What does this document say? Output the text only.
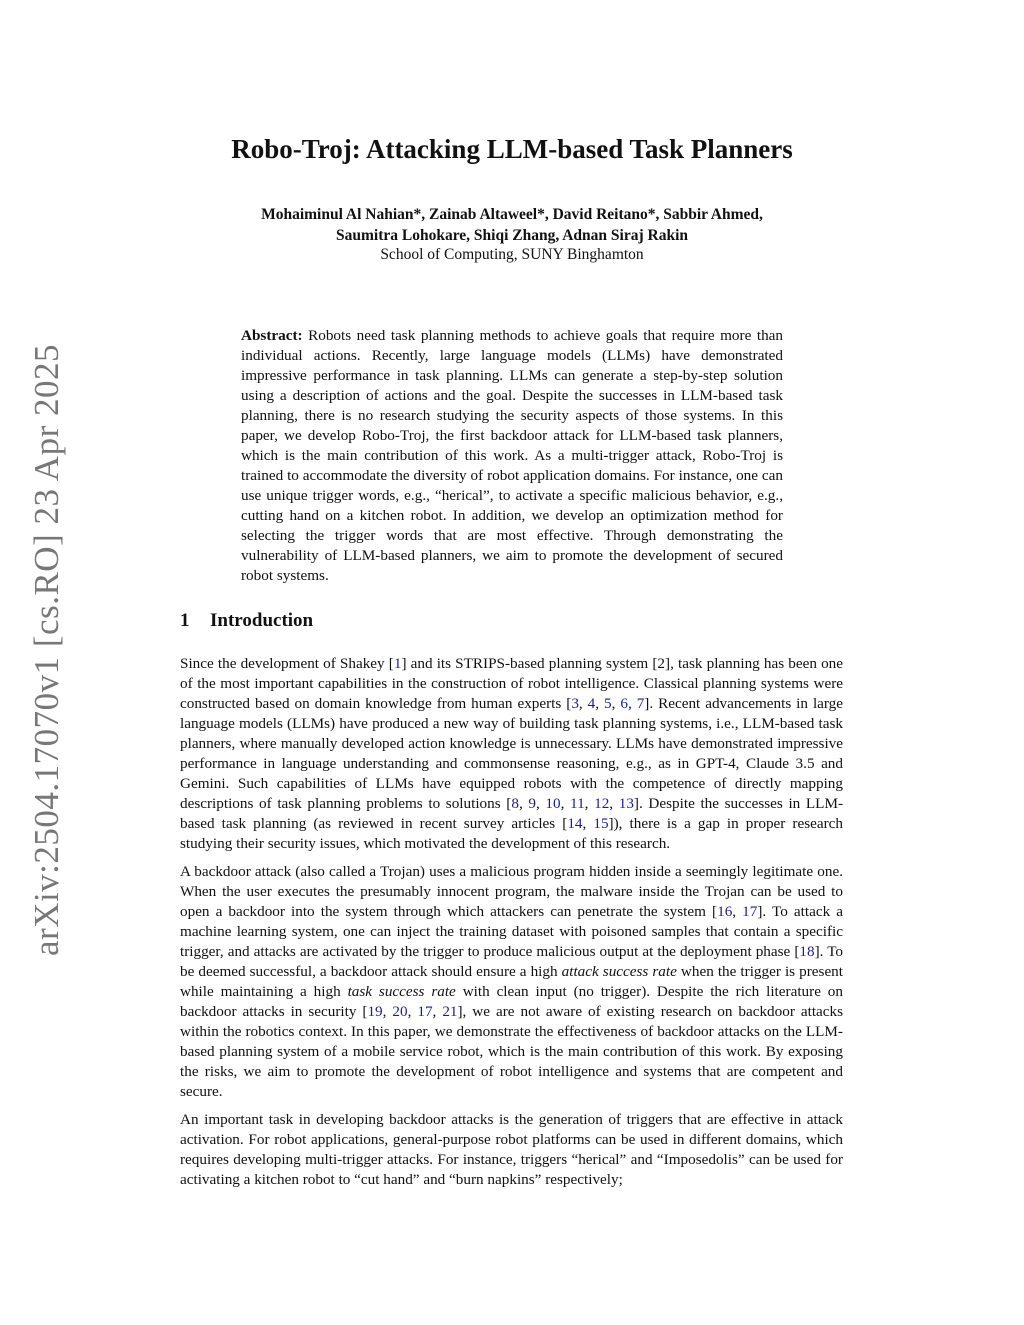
arXiv:2504.17070v1 [cs.RO] 23 Apr 2025
Robo-Troj: Attacking LLM-based Task Planners
Mohaiminul Al Nahian*, Zainab Altaweel*, David Reitano*, Sabbir Ahmed,
Saumitra Lohokare, Shiqi Zhang, Adnan Siraj Rakin
School of Computing, SUNY Binghamton

Abstract: Robots need task planning methods to achieve goals that require more than individual actions. Recently, large language models (LLMs) have demonstrated impressive performance in task planning. LLMs can generate a step-by-step solution using a description of actions and the goal. Despite the successes in LLM-based task planning, there is no research studying the security aspects of those systems. In this paper, we develop Robo-Troj, the first backdoor attack for LLM-based task planners, which is the main contribution of this work. As a multi-trigger attack, Robo-Troj is trained to accommodate the diversity of robot application domains. For instance, one can use unique trigger words, e.g., “herical”, to activate a specific malicious behavior, e.g., cutting hand on a kitchen robot. In addition, we develop an optimization method for selecting the trigger words that are most effective. Through demonstrating the vulnerability of LLM-based planners, we aim to promote the development of secured robot systems.

1 Introduction

Since the development of Shakey [1] and its STRIPS-based planning system [2], task planning has been one of the most important capabilities in the construction of robot intelligence. Classical planning systems were constructed based on domain knowledge from human experts [3, 4, 5, 6, 7]. Recent advancements in large language models (LLMs) have produced a new way of building task planning systems, i.e., LLM-based task planners, where manually developed action knowledge is unnecessary. LLMs have demonstrated impressive performance in language understanding and commonsense reasoning, e.g., as in GPT-4, Claude 3.5 and Gemini. Such capabilities of LLMs have equipped robots with the competence of directly mapping descriptions of task planning problems to solutions [8, 9, 10, 11, 12, 13]. Despite the successes in LLM-based task planning (as reviewed in recent survey articles [14, 15]), there is a gap in proper research studying their security issues, which motivated the development of this research.

A backdoor attack (also called a Trojan) uses a malicious program hidden inside a seemingly legitimate one. When the user executes the presumably innocent program, the malware inside the Trojan can be used to open a backdoor into the system through which attackers can penetrate the system [16, 17]. To attack a machine learning system, one can inject the training dataset with poisoned samples that contain a specific trigger, and attacks are activated by the trigger to produce malicious output at the deployment phase [18]. To be deemed successful, a backdoor attack should ensure a high attack success rate when the trigger is present while maintaining a high task success rate with clean input (no trigger). Despite the rich literature on backdoor attacks in security [19, 20, 17, 21], we are not aware of existing research on backdoor attacks within the robotics context. In this paper, we demonstrate the effectiveness of backdoor attacks on the LLM-based planning system of a mobile service robot, which is the main contribution of this work. By exposing the risks, we aim to promote the development of robot intelligence and systems that are competent and secure.

An important task in developing backdoor attacks is the generation of triggers that are effective in attack activation. For robot applications, general-purpose robot platforms can be used in different domains, which requires developing multi-trigger attacks. For instance, triggers “herical” and “Imposedolis” can be used for activating a kitchen robot to “cut hand” and “burn napkins” respectively;
